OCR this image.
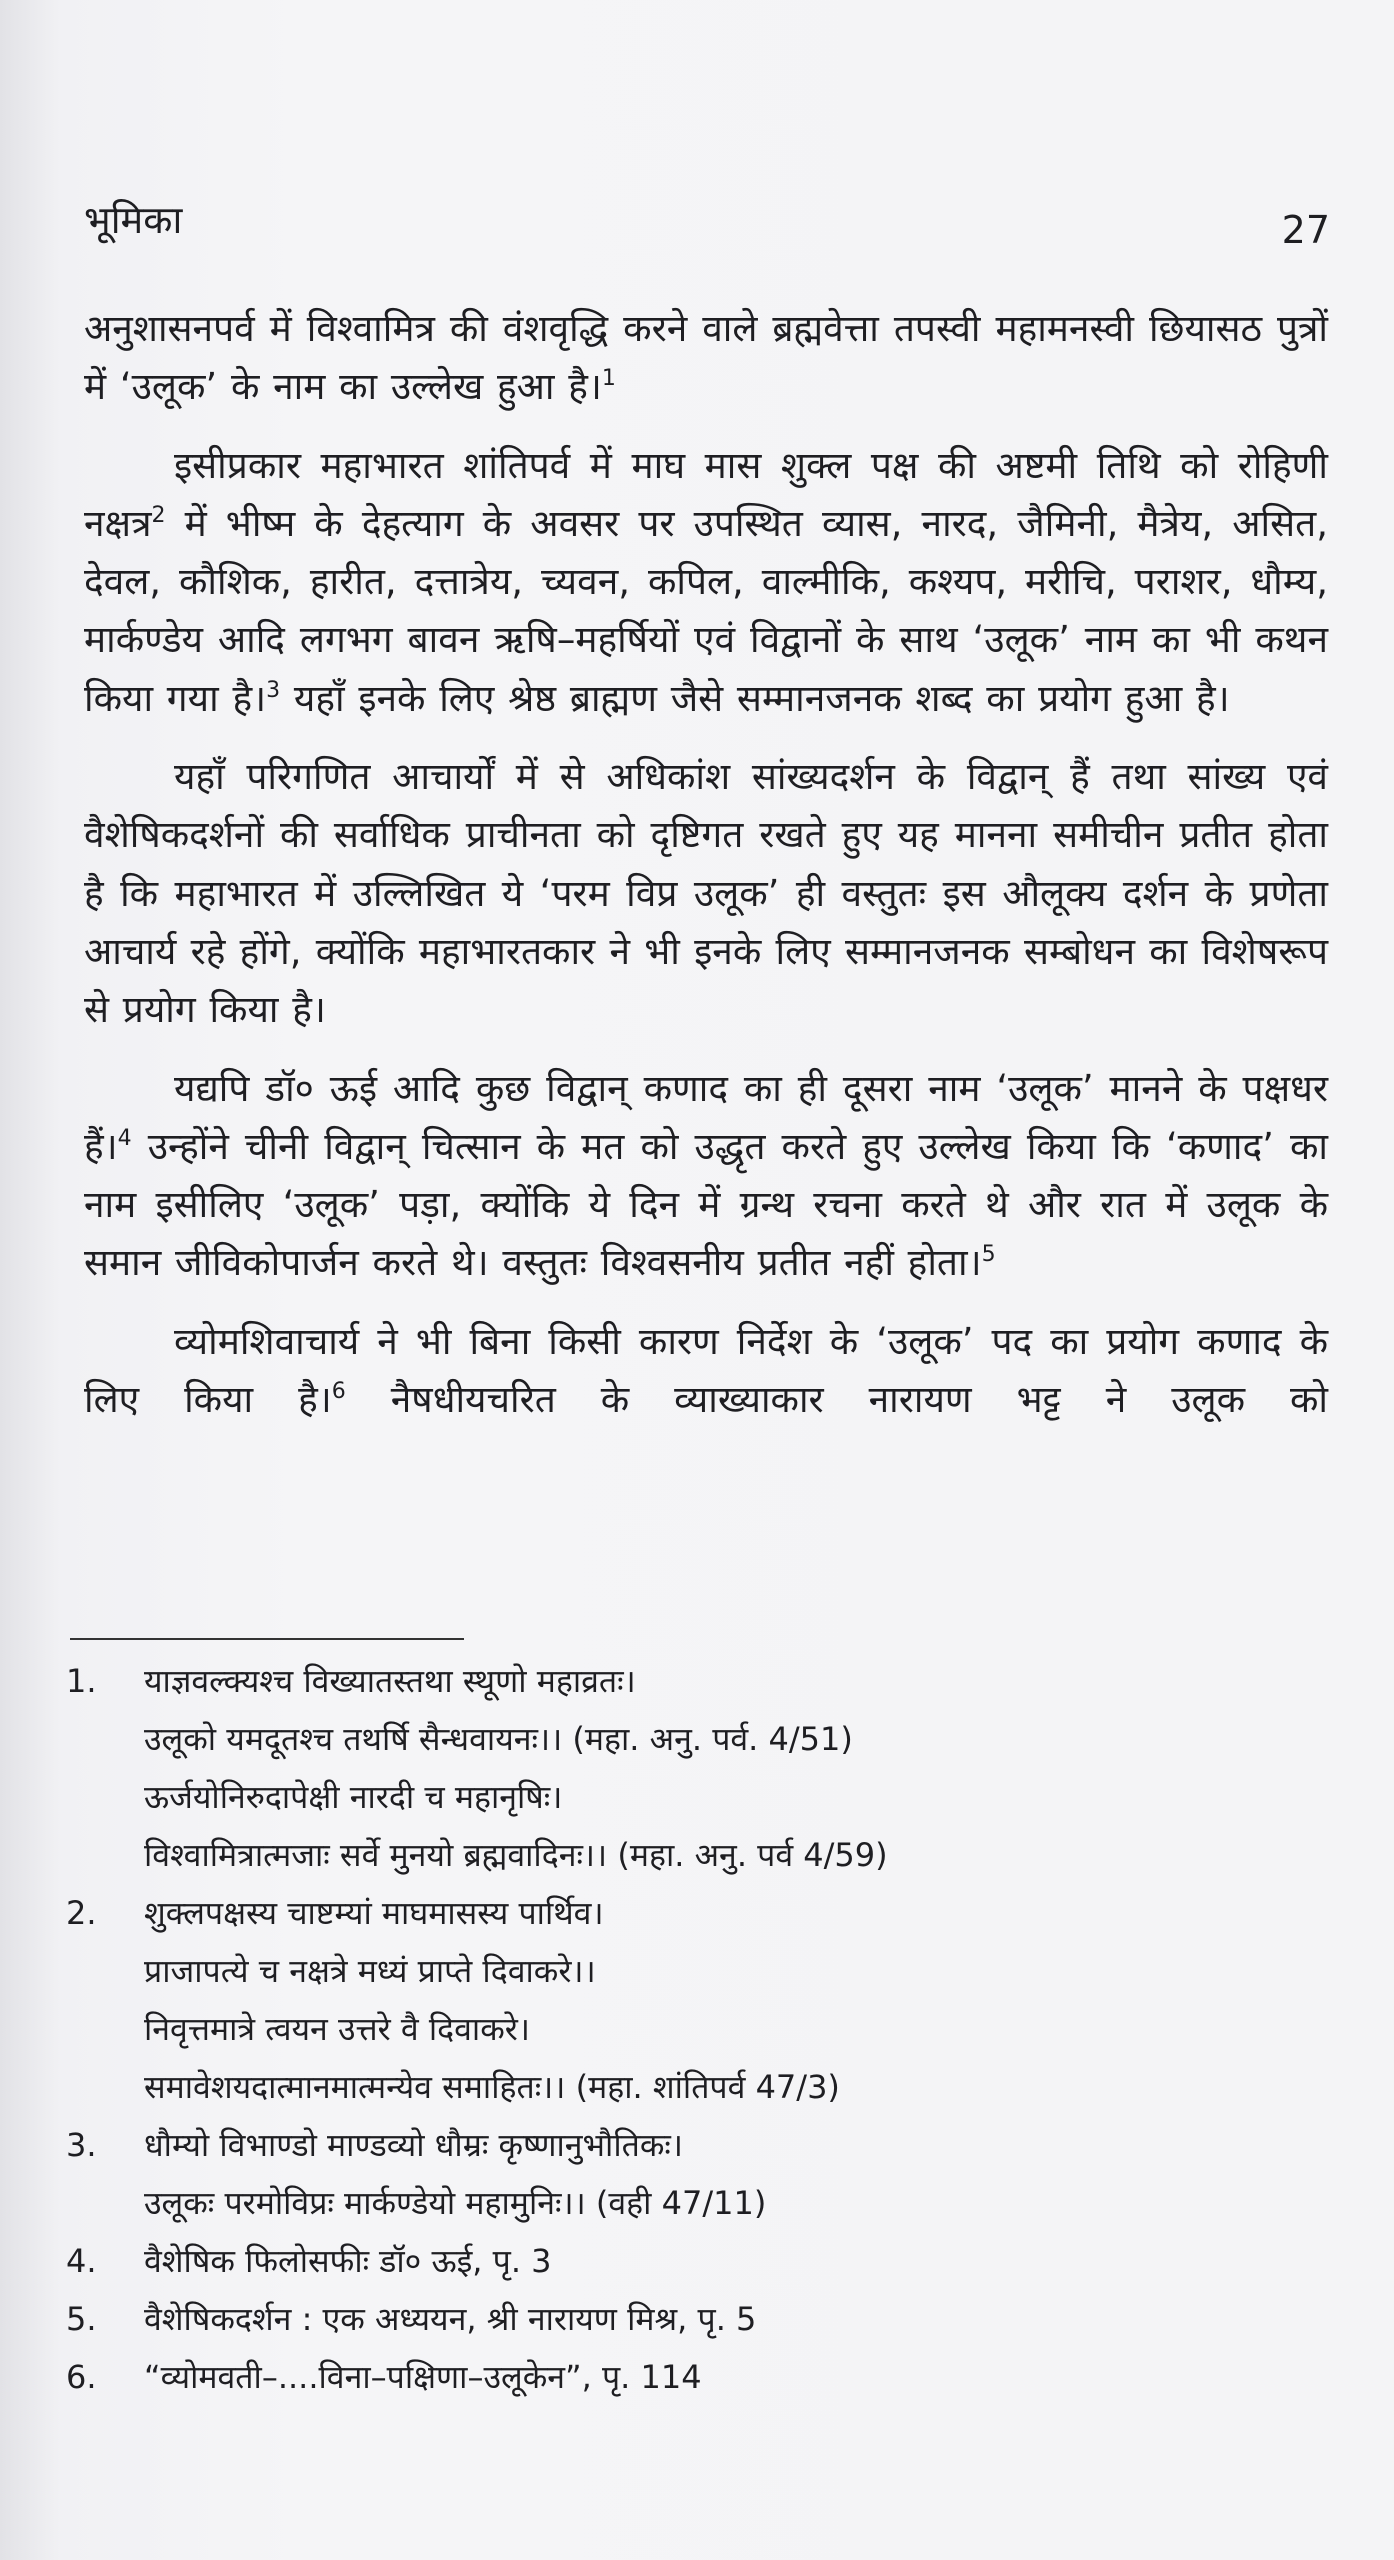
भूमिका	27

अनुशासनपर्व में विश्वामित्र की वंशवृद्धि करने वाले ब्रह्मवेत्ता तपस्वी महामनस्वी छियासठ पुत्रों में ‘उलूक’ के नाम का उल्लेख हुआ है।$^1$

इसीप्रकार महाभारत शांतिपर्व में माघ मास शुक्ल पक्ष की अष्टमी तिथि को रोहिणी नक्षत्र$^2$ में भीष्म के देहत्याग के अवसर पर उपस्थित व्यास, नारद, जैमिनी, मैत्रेय, असित, देवल, कौशिक, हारीत, दत्तात्रेय, च्यवन, कपिल, वाल्मीकि, कश्यप, मरीचि, पराशर, धौम्य, मार्कण्डेय आदि लगभग बावन ऋषि–महर्षियों एवं विद्वानों के साथ ‘उलूक’ नाम का भी कथन किया गया है।$^3$ यहाँ इनके लिए श्रेष्ठ ब्राह्मण जैसे सम्मानजनक शब्द का प्रयोग हुआ है।

यहाँ परिगणित आचार्यों में से अधिकांश सांख्यदर्शन के विद्वान् हैं तथा सांख्य एवं वैशेषिकदर्शनों की सर्वाधिक प्राचीनता को दृष्टिगत रखते हुए यह मानना समीचीन प्रतीत होता है कि महाभारत में उल्लिखित ये ‘परम विप्र उलूक’ ही वस्तुतः इस औलूक्य दर्शन के प्रणेता आचार्य रहे होंगे, क्योंकि महाभारतकार ने भी इनके लिए सम्मानजनक सम्बोधन का विशेषरूप से प्रयोग किया है।

यद्यपि डॉ० ऊई आदि कुछ विद्वान् कणाद का ही दूसरा नाम ‘उलूक’ मानने के पक्षधर हैं।$^4$ उन्होंने चीनी विद्वान् चित्सान के मत को उद्धृत करते हुए उल्लेख किया कि ‘कणाद’ का नाम इसीलिए ‘उलूक’ पड़ा, क्योंकि ये दिन में ग्रन्थ रचना करते थे और रात में उलूक के समान जीविकोपार्जन करते थे। वस्तुतः विश्वसनीय प्रतीत नहीं होता।$^5$

व्योमशिवाचार्य ने भी बिना किसी कारण निर्देश के ‘उलूक’ पद का प्रयोग कणाद के लिए किया है।$^6$ नैषधीयचरित के व्याख्याकार नारायण भट्ट ने उलूक को

1.	याज्ञवल्क्यश्च विख्यातस्तथा स्थूणो महाव्रतः।
उलूको यमदूतश्च तथर्षि सैन्धवायनः।। (महा. अनु. पर्व. 4/51)
ऊर्जयोनिरुदापेक्षी नारदी च महानृषिः।
विश्वामित्रात्मजाः सर्वे मुनयो ब्रह्मवादिनः।। (महा. अनु. पर्व 4/59)
2.	शुक्लपक्षस्य चाष्टम्यां माघमासस्य पार्थिव।
प्राजापत्ये च नक्षत्रे मध्यं प्राप्ते दिवाकरे।।
निवृत्तमात्रे त्वयन उत्तरे वै दिवाकरे।
समावेशयदात्मानमात्मन्येव समाहितः।। (महा. शांतिपर्व 47/3)
3.	धौम्यो विभाण्डो माण्डव्यो धौम्रः कृष्णानुभौतिकः।
उलूकः परमोविप्रः मार्कण्डेयो महामुनिः।। (वही 47/11)
4.	वैशेषिक फिलोसफीः डॉ० ऊई, पृ. 3
5.	वैशेषिकदर्शन : एक अध्ययन, श्री नारायण मिश्र, पृ. 5
6.	“व्योमवती–....विना–पक्षिणा–उलूकेन”, पृ. 114
